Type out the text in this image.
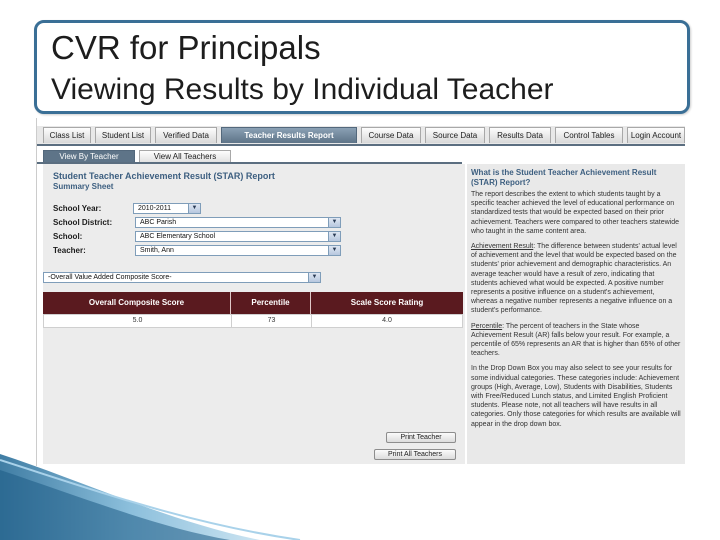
CVR for Principals
Viewing Results by Individual Teacher
Class List	Student List	Verified Data	Teacher Results Report	Course Data	Source Data	Results Data	Control Tables	Login Account
View By Teacher	View All Teachers
Student Teacher Achievement Result (STAR) Report
Summary Sheet
School Year:	2010-2011	▼
School District:	ABC Parish	▼
School:	ABC Elementary School	▼
Teacher:	Smith, Ann	▼
-Overall Value Added Composite Score-	▼
Overall Composite Score	Percentile	Scale Score Rating
5.0	73	4.0
Print Teacher
Print All Teachers
What is the Student Teacher Achievement Result (STAR) Report?

The report describes the extent to which students taught by a specific teacher achieved the level of educational performance on standardized tests that would be expected based on their prior achievement. Teachers were compared to other teachers statewide who taught in the same content area.

Achievement Result: The difference between students' actual level of achievement and the level that would be expected based on the students' prior achievement and demographic characteristics. An average teacher would have a result of zero, indicating that students achieved what would be expected. A positive number represents a positive influence on a student's achievement, whereas a negative number represents a negative influence on a student's performance.

Percentile: The percent of teachers in the State whose Achievement Result (AR) falls below your result. For example, a percentile of 65% represents an AR that is higher than 65% of other teachers.

In the Drop Down Box you may also select to see your results for some individual categories. These categories include: Achievement groups (High, Average, Low), Students with Disabilities, Students with Free/Reduced Lunch status, and Limited English Proficient students. Please note, not all teachers will have results in all categories. Only those categories for which results are available will appear in the drop down box.
